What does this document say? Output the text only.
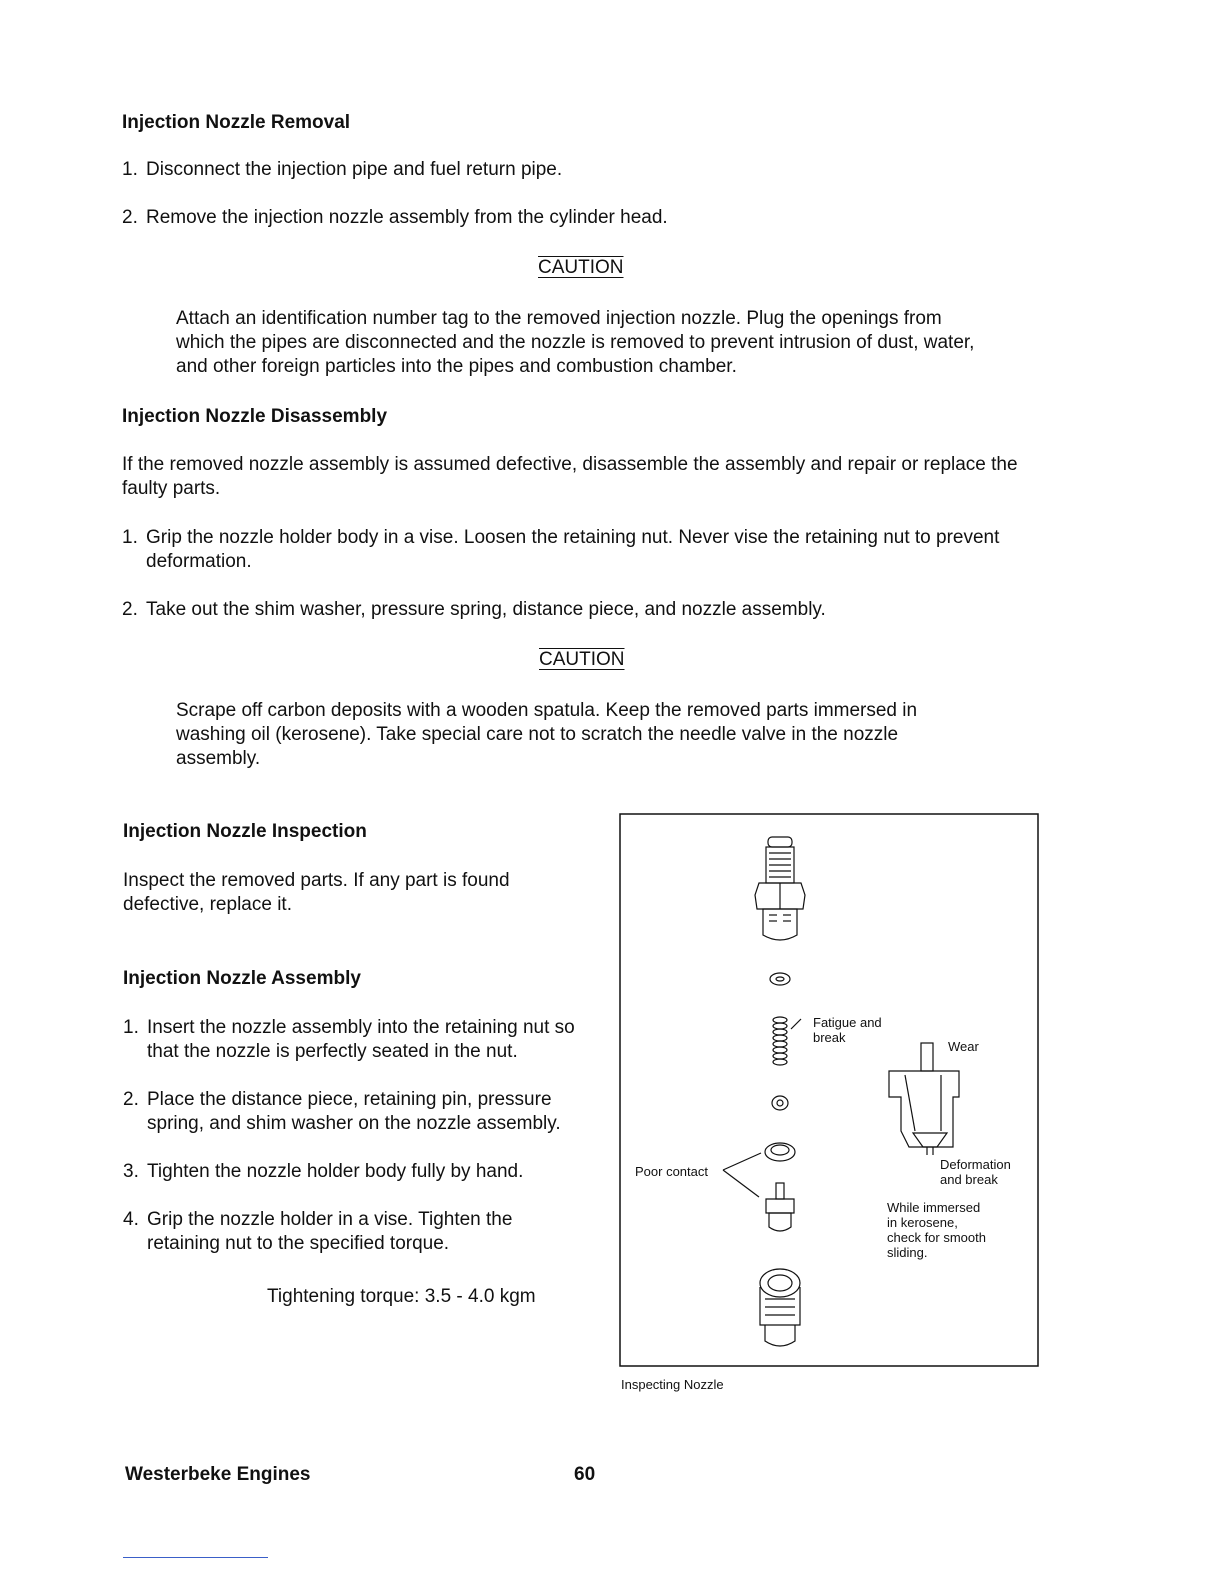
Injection Nozzle Removal
1. Disconnect the injection pipe and fuel return pipe.
2. Remove the injection nozzle assembly from the cylinder head.
CAUTION
Attach an identification number tag to the removed injection nozzle. Plug the openings from which the pipes are disconnected and the nozzle is removed to prevent intrusion of dust, water, and other foreign particles into the pipes and combustion chamber.
Injection Nozzle Disassembly
If the removed nozzle assembly is assumed defective, disassemble the assembly and repair or replace the faulty parts.
1. Grip the nozzle holder body in a vise. Loosen the retaining nut. Never vise the retaining nut to prevent deformation.
2. Take out the shim washer, pressure spring, distance piece, and nozzle assembly.
CAUTION
Scrape off carbon deposits with a wooden spatula. Keep the removed parts immersed in washing oil (kerosene). Take special care not to scratch the needle valve in the nozzle assembly.
Injection Nozzle Inspection
Inspect the removed parts. If any part is found defective, replace it.
Injection Nozzle Assembly
1. Insert the nozzle assembly into the retaining nut so that the nozzle is perfectly seated in the nut.
2. Place the distance piece, retaining pin, pressure spring, and shim washer on the nozzle assembly.
3. Tighten the nozzle holder body fully by hand.
4. Grip the nozzle holder in a vise. Tighten the retaining nut to the specified torque.
Tightening torque: 3.5 - 4.0 kgm
Fatigue and
break
Wear
Poor contact	Deformation
and break
While immersed
in kerosene,
check for smooth
sliding.
Inspecting Nozzle
Westerbeke Engines	60
